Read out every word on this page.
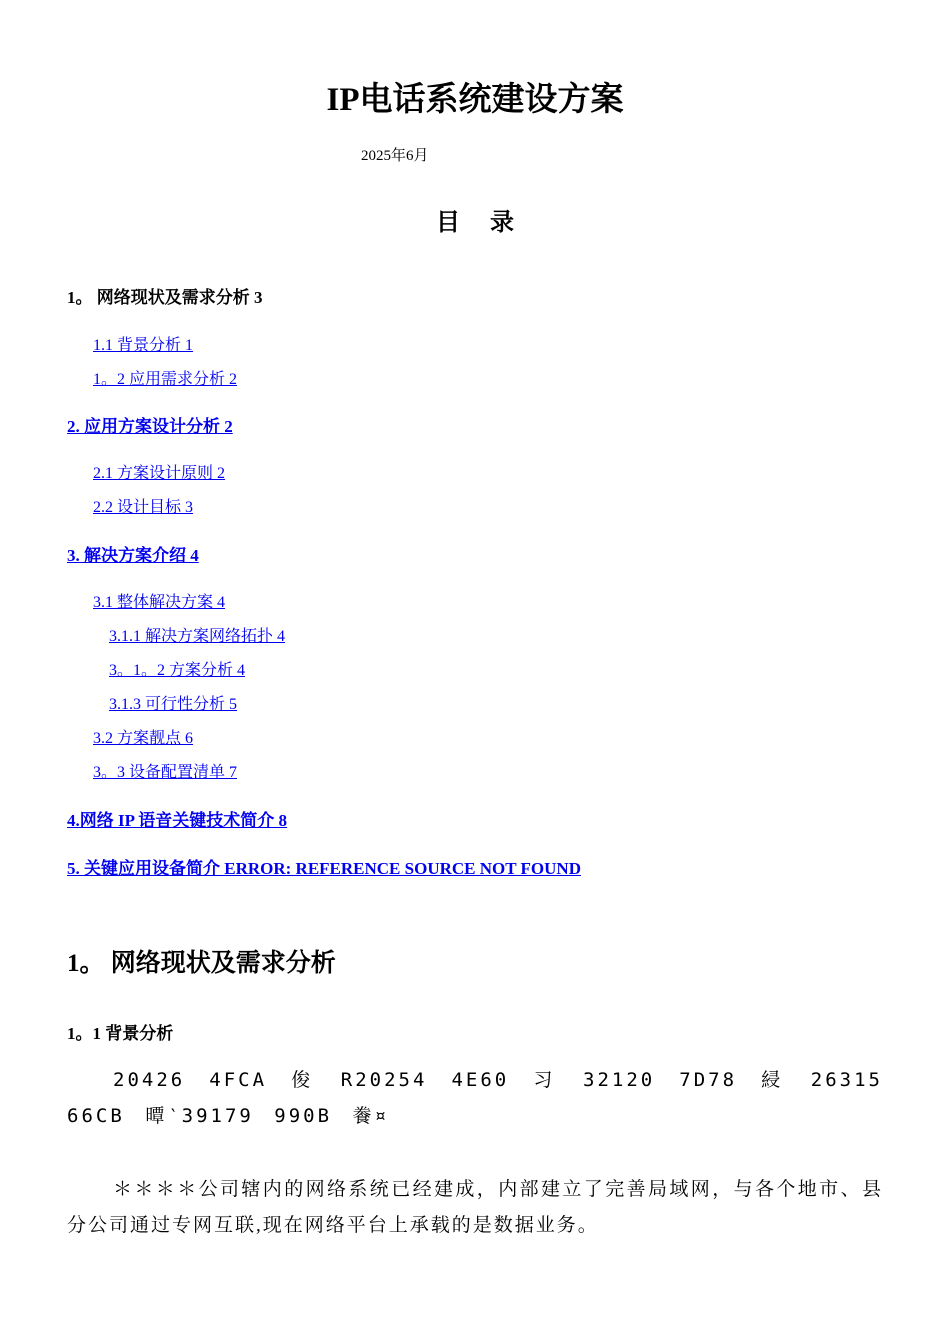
IP电话系统建设方案
2025年6月
目 录
1。 网络现状及需求分析 3
1.1 背景分析 1
1。2 应用需求分析 2
2. 应用方案设计分析 2
2.1 方案设计原则 2
2.2 设计目标 3
3. 解决方案介绍 4
3.1 整体解决方案 4
3.1.1 解决方案网络拓扑 4
3。1。2 方案分析 4
3.1.3 可行性分析 5
3.2 方案靓点 6
3。3 设备配置清单 7
4.网络 IP 语音关键技术简介 8
5. 关键应用设备简介 ERROR: REFERENCE SOURCE NOT FOUND
1。 网络现状及需求分析
1。1 背景分析
20426 4FCA 俊 R20254 4E60 习 32120 7D78 綅 26315 66CB 曋‵39179 990B 餋¤
＊＊＊＊公司辖内的网络系统已经建成，内部建立了完善局域网，与各个地市、县分公司通过专网互联,现在网络平台上承载的是数据业务。
